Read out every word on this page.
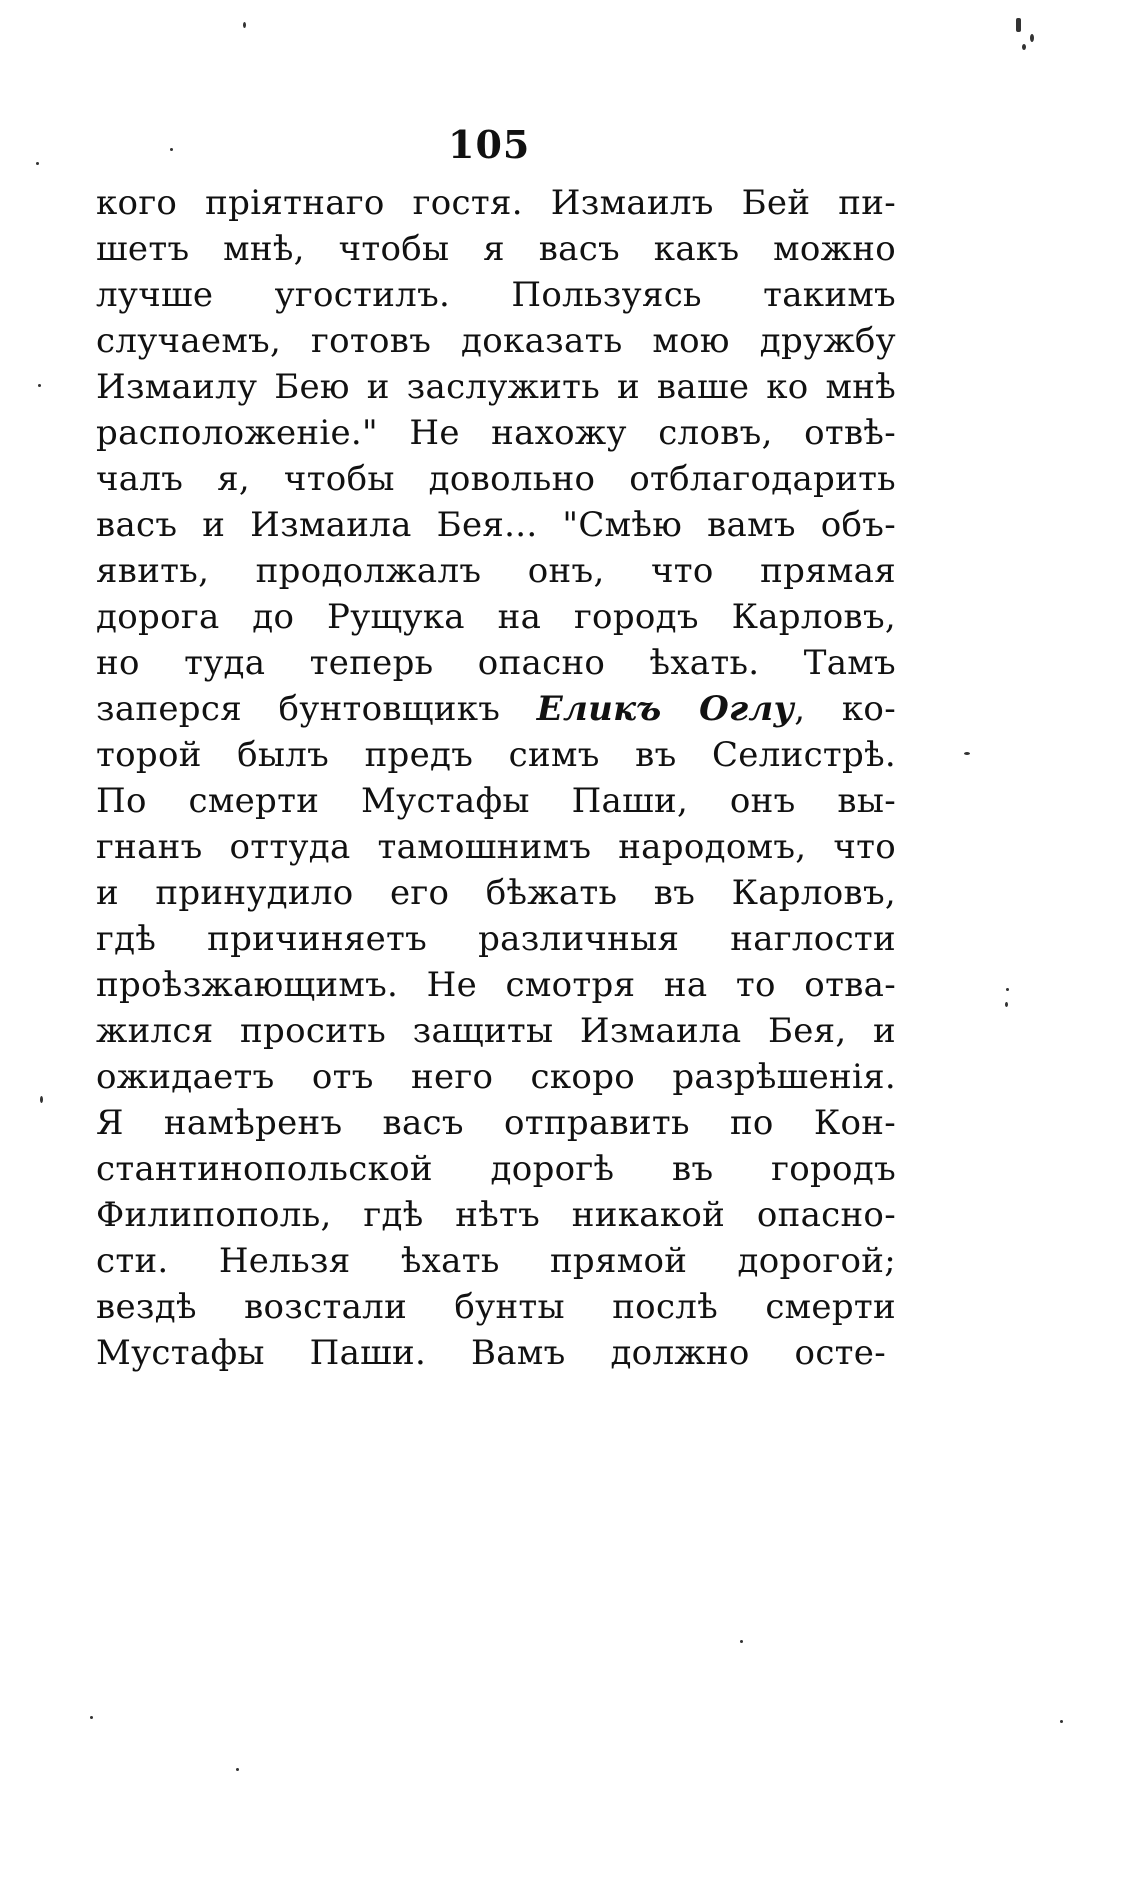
105
кого пріятнаго гостя. Измаилъ Бей пи-
шетъ мнѣ, чтобы я васъ какъ можно
лучше угостилъ. Пользуясь такимъ
случаемъ, готовъ доказать мою дружбу
Измаилу Бею и заслужить и ваше ко мнѣ
расположеніе." Не нахожу словъ, отвѣ-
чалъ я, чтобы довольно отблагодарить
васъ и Измаила Бея... "Смѣю вамъ объ-
явить, продолжалъ онъ, что прямая
дорога до Рущука на городъ Карловъ,
но туда теперь опасно ѣхать. Тамъ
заперся бунтовщикъ Еликъ Оглу, ко-
торой былъ предъ симъ въ Селистрѣ.
По смерти Мустафы Паши, онъ вы-
гнанъ оттуда тамошнимъ народомъ, что
и принудило его бѣжать въ Карловъ,
гдѣ причиняетъ различныя наглости
проѣзжающимъ. Не смотря на то отва-
жился просить защиты Измаила Бея, и
ожидаетъ отъ него скоро разрѣшенія.
Я намѣренъ васъ отправить по Кон-
стантинопольской дорогѣ въ городъ
Филипополь, гдѣ нѣтъ никакой опасно-
сти. Нельзя ѣхать прямой дорогой;
вездѣ возстали бунты послѣ смерти
Мустафы Паши. Вамъ должно осте-
